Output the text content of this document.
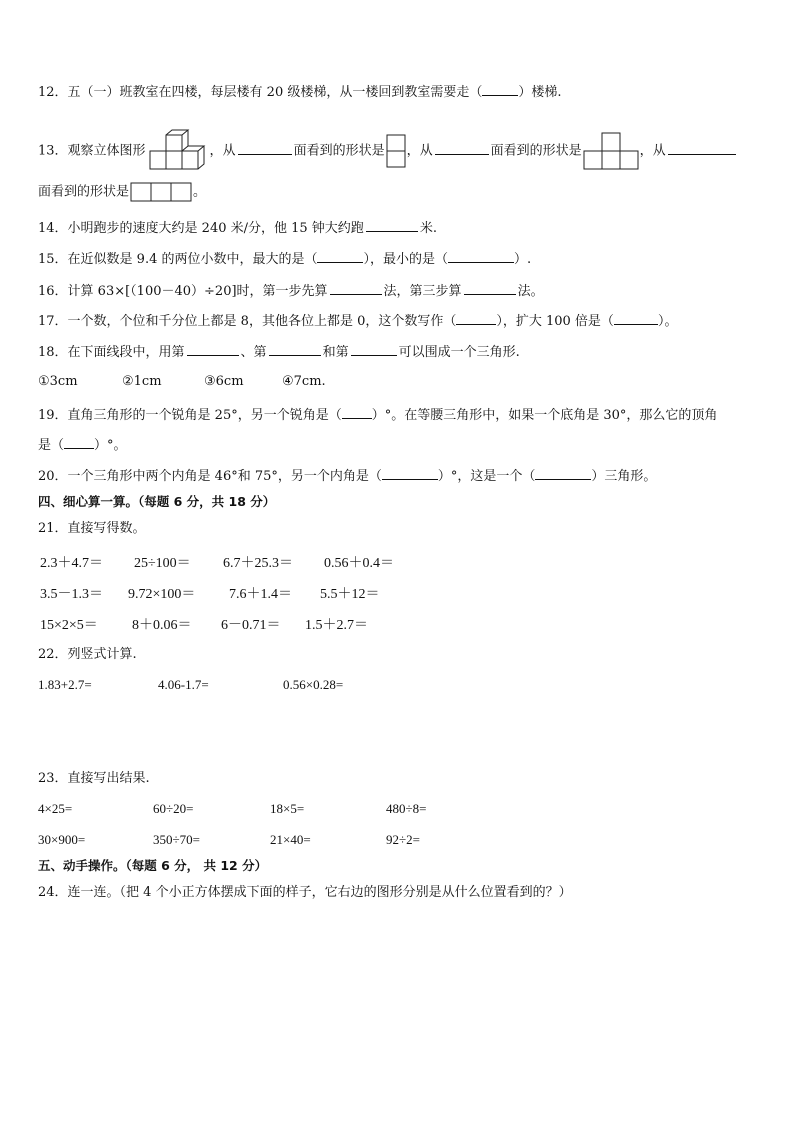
12．五（一）班教室在四楼，每层楼有 20 级楼梯，从一楼回到教室需要走（	）楼梯.
13．观察立体图形	，从	面看到的形状是 ，从	面看到的形状是	，从
面看到的形状是	。
14．小明跑步的速度大约是 240 米/分，他 15 钟大约跑	米.
15．在近似数是 9.4 的两位小数中，最大的是（	），最小的是（	）.
16．计算 63×[（100－40）÷20]时，第一步先算	法，第三步算	法。
17．一个数，个位和千分位上都是 8，其他各位上都是 0，这个数写作（	），扩大 100 倍是（	）。
18．在下面线段中，用第	、第	和第	可以围成一个三角形.
①3cm	②1cm	③6cm	④7cm.
19．直角三角形的一个锐角是 25°，另一个锐角是（ ）°。在等腰三角形中，如果一个底角是 30°，那么它的顶角
是（ ）°。
20．一个三角形中两个内角是 46°和 75°，另一个内角是（	）°，这是一个（	）三角形。
四、细心算一算。（每题 6 分，共 18 分）
21．直接写得数。
2.3＋4.7＝ 25÷100＝ 6.7＋25.3＝ 0.56＋0.4＝
3.5－1.3＝ 9.72×100＝ 7.6＋1.4＝ 5.5＋12＝
15×2×5＝ 8＋0.06＝ 6－0.71＝ 1.5＋2.7＝
22．列竖式计算.
1.83+2.7=	4.06-1.7=	0.56×0.28=
23．直接写出结果.
4×25=	60÷20=	18×5=	480÷8=
30×900=	350÷70=	21×40=	92÷2=
五、动手操作。（每题 6 分， 共 12 分）
24．连一连。（把 4 个小正方体摆成下面的样子，它右边的图形分别是从什么位置看到的？）
